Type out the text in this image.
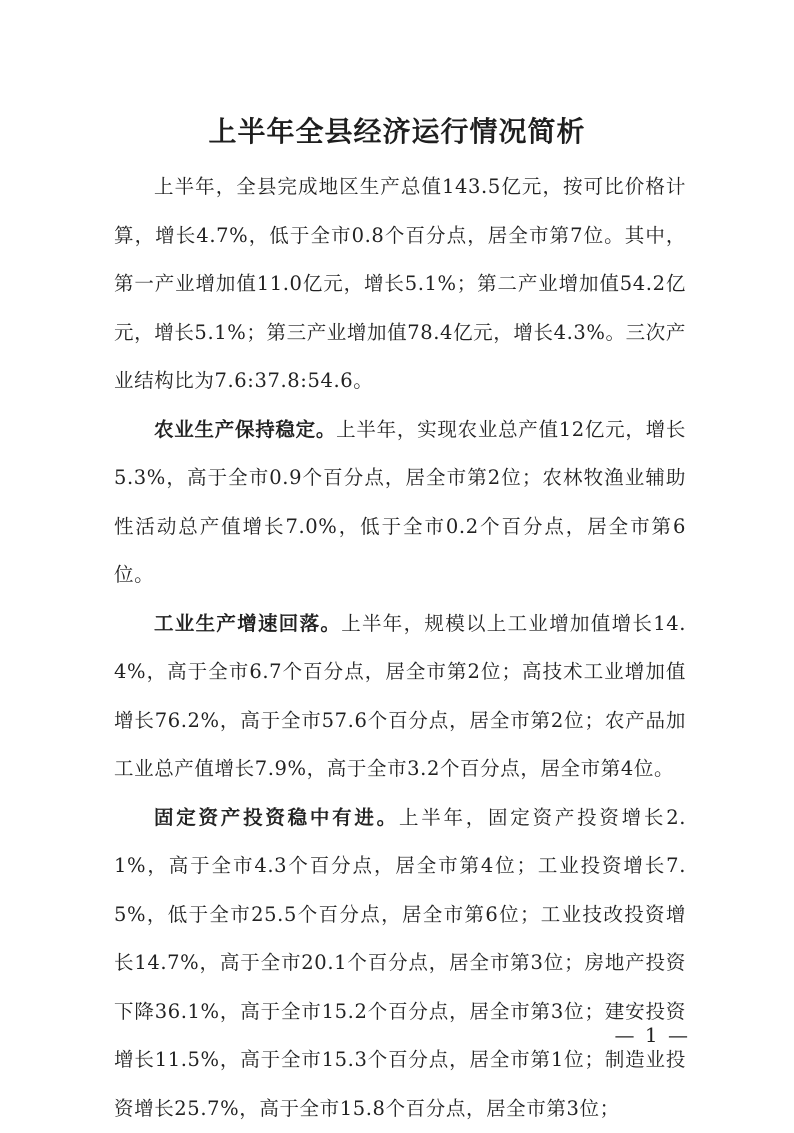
上半年全县经济运行情况简析

上半年，全县完成地区生产总值143.5亿元，按可比价格计算，增长4.7%，低于全市0.8个百分点，居全市第7位。其中，第一产业增加值11.0亿元，增长5.1%；第二产业增加值54.2亿元，增长5.1%；第三产业增加值78.4亿元，增长4.3%。三次产业结构比为7.6:37.8:54.6。

农业生产保持稳定。上半年，实现农业总产值12亿元，增长5.3%，高于全市0.9个百分点，居全市第2位；农林牧渔业辅助性活动总产值增长7.0%，低于全市0.2个百分点，居全市第6位。

工业生产增速回落。上半年，规模以上工业增加值增长14.4%，高于全市6.7个百分点，居全市第2位；高技术工业增加值增长76.2%，高于全市57.6个百分点，居全市第2位；农产品加工业总产值增长7.9%，高于全市3.2个百分点，居全市第4位。

固定资产投资稳中有进。上半年，固定资产投资增长2.1%，高于全市4.3个百分点，居全市第4位；工业投资增长7.5%，低于全市25.5个百分点，居全市第6位；工业技改投资增长14.7%，高于全市20.1个百分点，居全市第3位；房地产投资下降36.1%，高于全市15.2个百分点，居全市第3位；建安投资增长11.5%，高于全市15.3个百分点，居全市第1位；制造业投资增长25.7%，高于全市15.8个百分点，居全市第3位；

— 1 —
